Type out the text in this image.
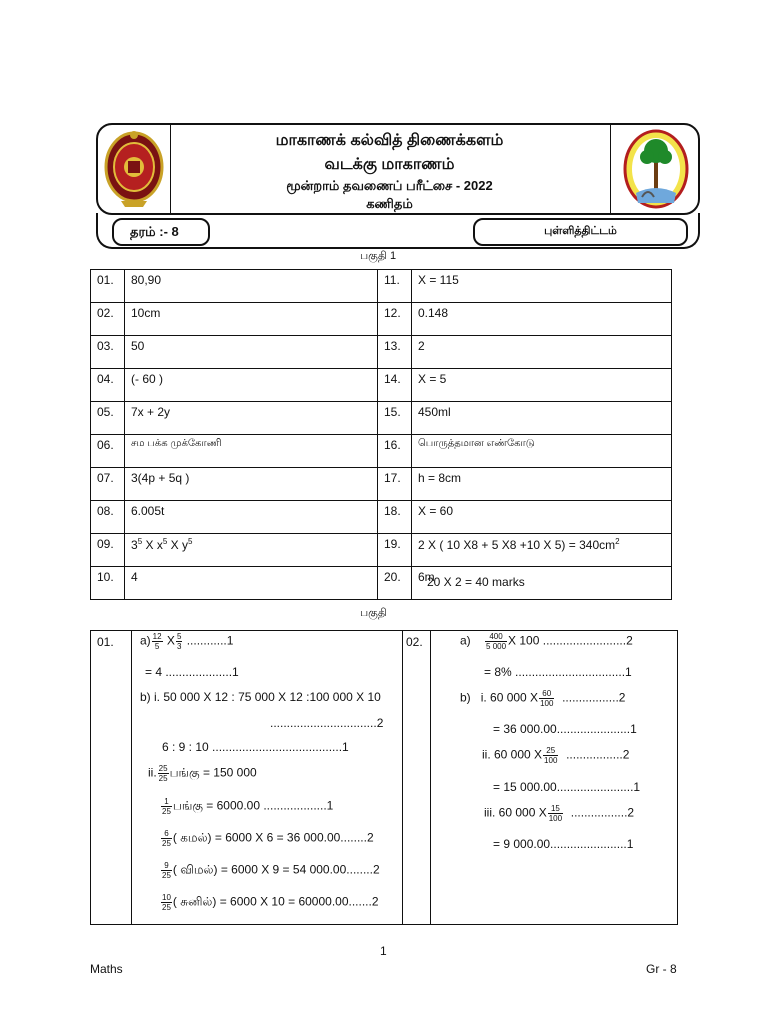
மாகாணக் கல்வித் திணைக்களம்
வடக்கு மாகாணம்
மூன்றாம் தவணைப் பரீட்சை - 2022
கணிதம்
தரம் :- 8	புள்ளித்திட்டம்
பகுதி 1
01.	80,90	11.	X = 115
02.	10cm	12.	0.148
03.	50	13.	2
04.	(- 60 )	14.	X = 5
05.	7x + 2y	15.	450ml
06.	சம பக்க முக்கோணி	16.	பொருத்தமான எண்கோடு
07.	3(4p + 5q )	17.	h = 8cm
08.	6.005t	18.	X = 60
09.	$3^5$ X $x^5$ X $y^5$	19.	2 X ( 10 X8 + 5 X8 +10 X $5) = 340cm^2$
10.	4	20.	6m
20 X 2 = 40 marks
பகுதி
01. $a) \frac{12}{5}$ X $\frac{5}{3} ............1$
= 4 ....................1
b) i. 50 000 X 12 : 75 000 X 12 :100 000 X 10
................................2
6 : 9 : 10 .......................................1
ii. $\frac{25}{25}$ பங்கு = 150 000
$\frac{1}{25}$ பங்கு = 6000.00 ...................1
$\frac{6}{25}$ ( கமல்) = 6000 X 6 = 36 000.00........2
$\frac{9}{25}$ ( விமல்) = 6000 X 9 = 54 000.00........2
$\frac{10}{25}$ ( சுனில்) = 6000 X 10 = 60000.00.......2
02.	$a) \frac{400}{5 000}$ X 100 .........................2
= 8% .................................1
b) i. 60 000 X $\frac{60}{100} .................2$
= 36 000.00......................1
ii. 60 000 X $\frac{25}{100} .................2$
= 15 000.00.......................1
iii. 60 000 X $\frac{15}{100} .................2$
= 9 000.00.......................1
1
Maths	Gr - 8
